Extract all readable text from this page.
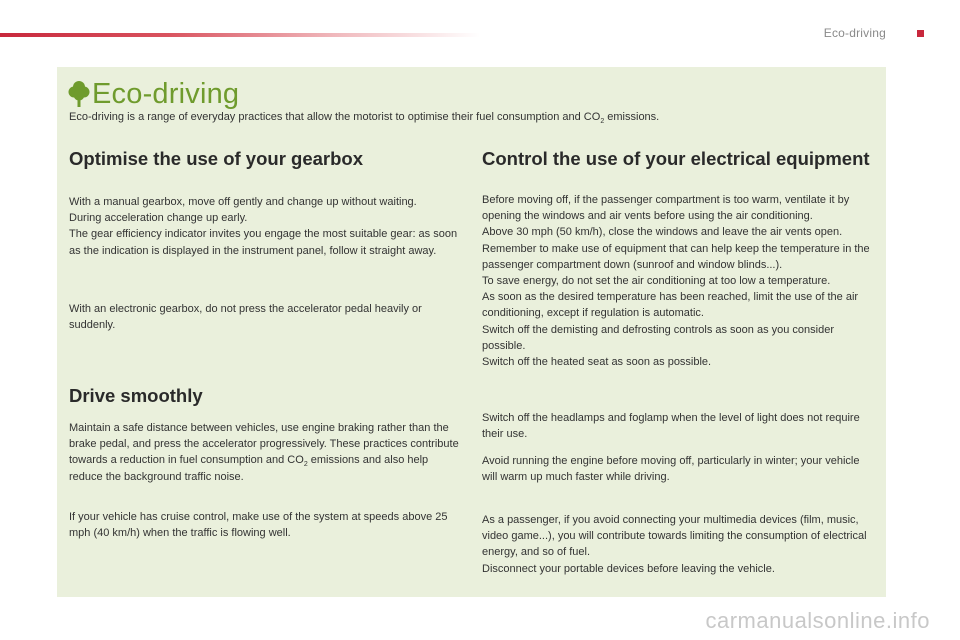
Eco-driving
Eco-driving
Eco-driving is a range of everyday practices that allow the motorist to optimise their fuel consumption and $CO_2$ emissions.
Optimise the use of your gearbox

With a manual gearbox, move off gently and change up without waiting.

During acceleration change up early.

The gear efficiency indicator invites you engage the most suitable gear: as soon as the indication is displayed in the instrument panel, follow it straight away.

With an electronic gearbox, do not press the accelerator pedal heavily or suddenly.

Drive smoothly

Maintain a safe distance between vehicles, use engine braking rather than the brake pedal, and press the accelerator progressively. These practices contribute towards a reduction in fuel consumption and $CO_2$ emissions and also help reduce the background traffic noise.

If your vehicle has cruise control, make use of the system at speeds above 25 mph (40 km/h) when the traffic is flowing well.

Control the use of your electrical equipment

Before moving off, if the passenger compartment is too warm, ventilate it by opening the windows and air vents before using the air conditioning.

Above 30 mph (50 km/h), close the windows and leave the air vents open.

Remember to make use of equipment that can help keep the temperature in the passenger compartment down (sunroof and window blinds...).

To save energy, do not set the air conditioning at too low a temperature.

As soon as the desired temperature has been reached, limit the use of the air conditioning, except if regulation is automatic.

Switch off the demisting and defrosting controls as soon as you consider possible.

Switch off the heated seat as soon as possible.

Switch off the headlamps and foglamp when the level of light does not require their use.

Avoid running the engine before moving off, particularly in winter; your vehicle will warm up much faster while driving.

As a passenger, if you avoid connecting your multimedia devices (film, music, video game...), you will contribute towards limiting the consumption of electrical energy, and so of fuel.

Disconnect your portable devices before leaving the vehicle.

carmanualsonline.info
